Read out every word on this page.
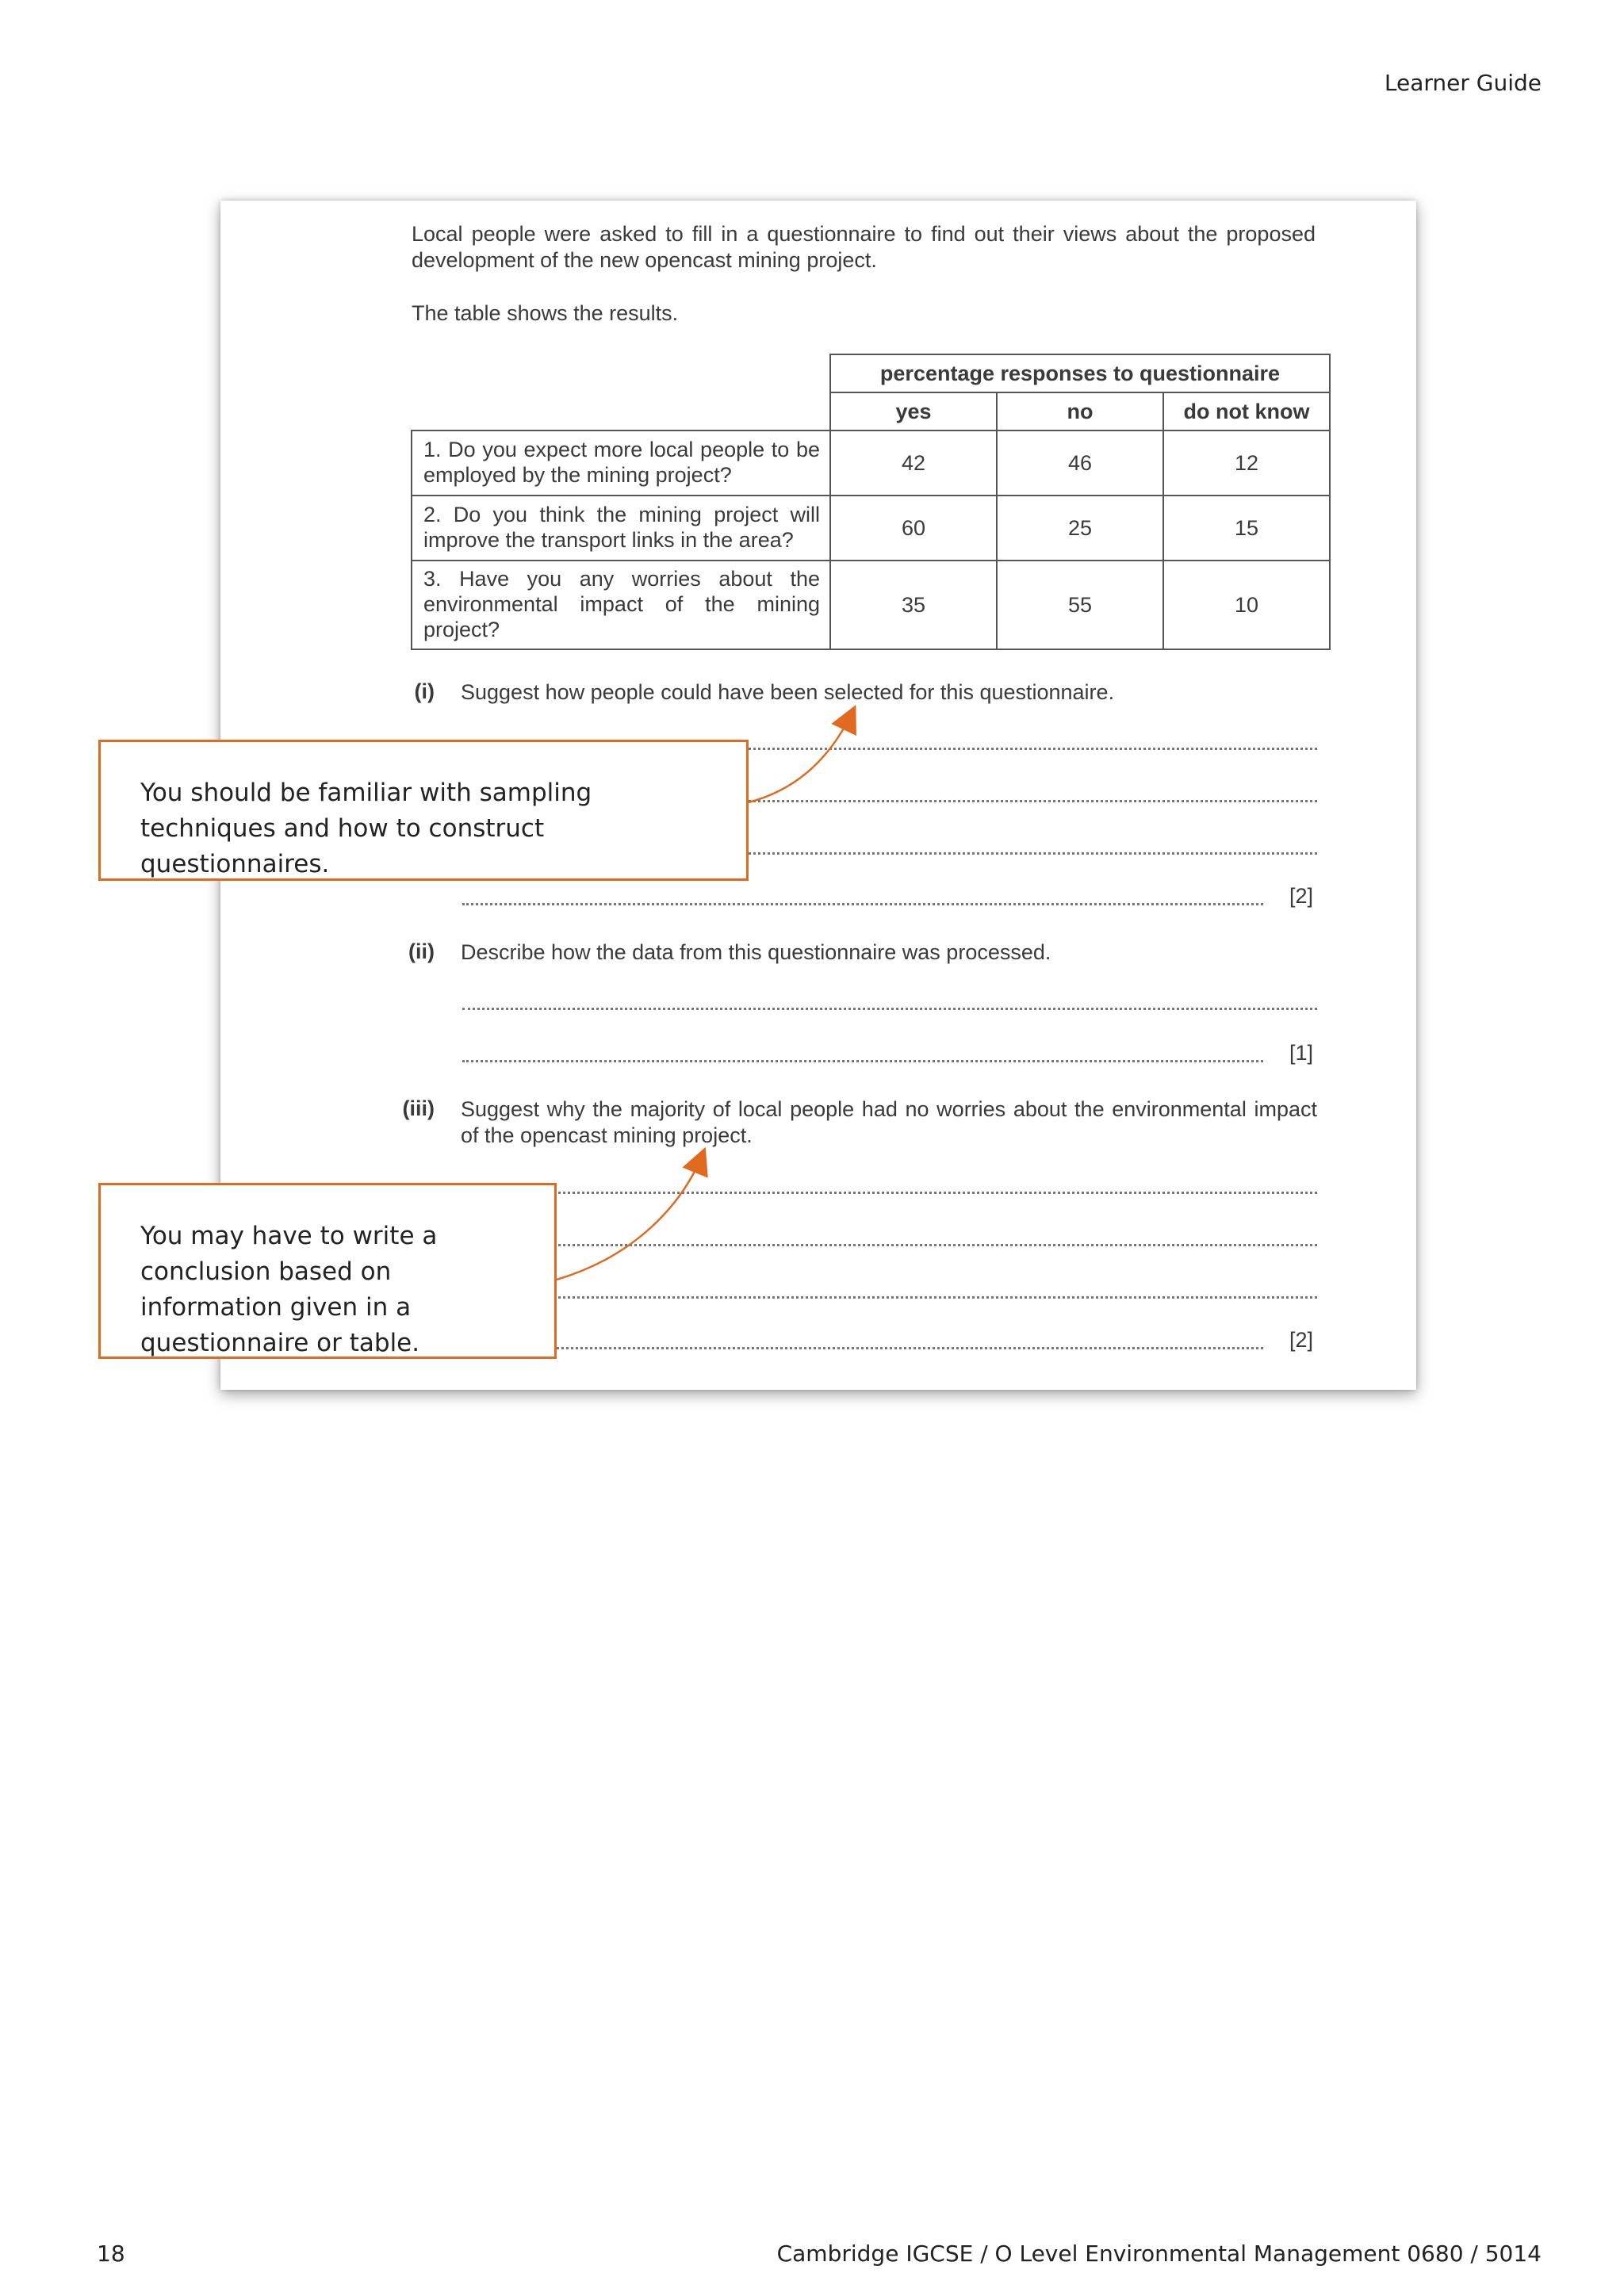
Learner Guide
Local people were asked to fill in a questionnaire to find out their views about the proposed development of the new opencast mining project.
The table shows the results.
	percentage responses to questionnaire		
	yes	no	do not know
1. Do you expect more local people to be employed by the mining project?	42	46	12
2. Do you think the mining project will improve the transport links in the area?	60	25	15
3. Have you any worries about the environmental impact of the mining project?	35	55	10
(i) Suggest how people could have been selected for this questionnaire.
[2]
(ii) Describe how the data from this questionnaire was processed.
[1]
(iii) Suggest why the majority of local people had no worries about the environmental impact of the opencast mining project.
[2]
You should be familiar with sampling techniques and how to construct questionnaires.
You may have to write a conclusion based on information given in a questionnaire or table.
18	Cambridge IGCSE / O Level Environmental Management 0680 / 5014
